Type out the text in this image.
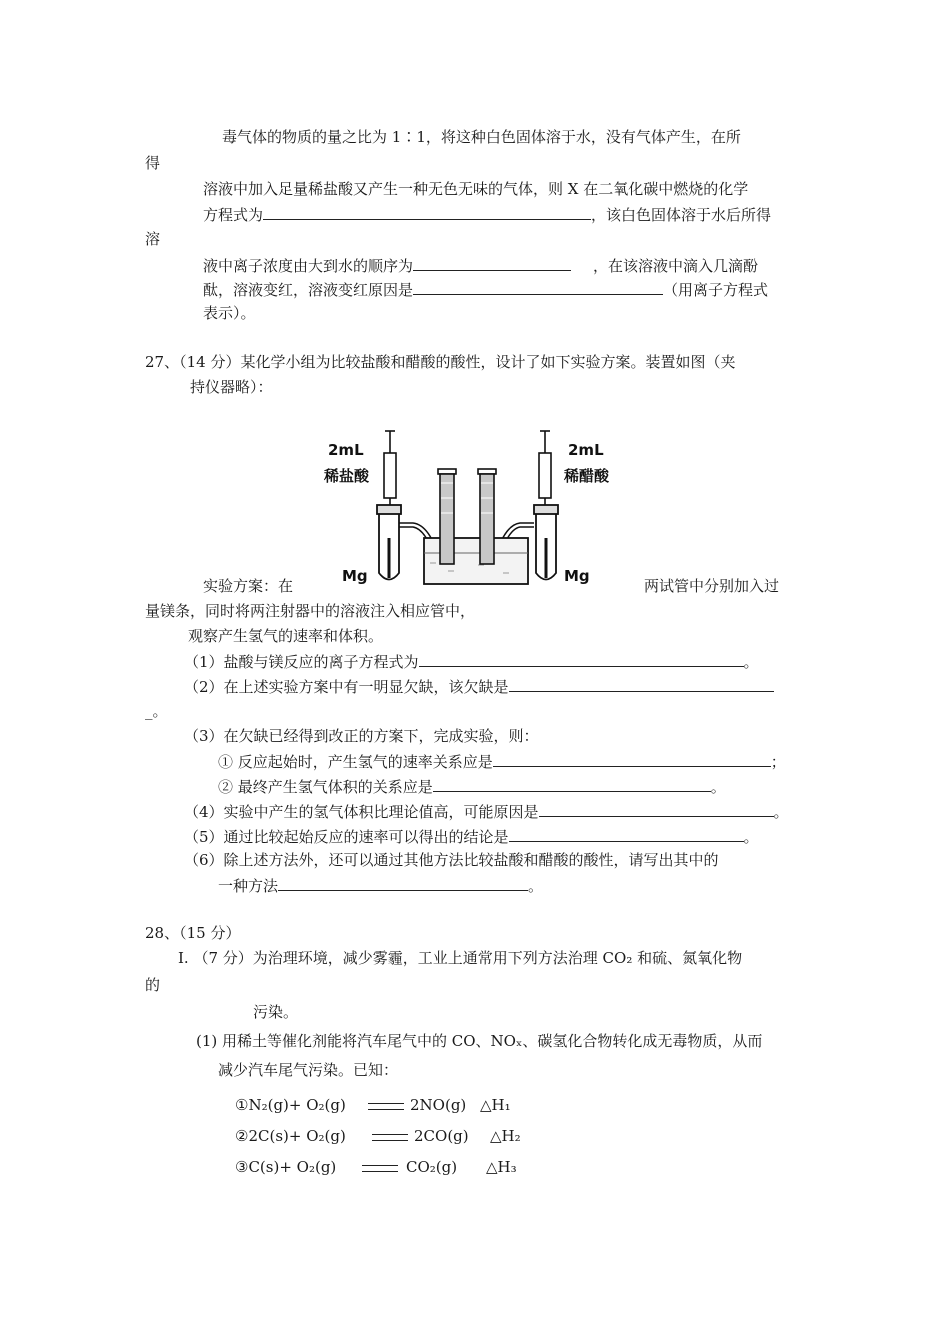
毒气体的物质的量之比为 1∶1，将这种白色固体溶于水，没有气体产生，在所
得
溶液中加入足量稀盐酸又产生一种无色无味的气体，则 X 在二氧化碳中燃烧的化学
方程式为	，该白色固体溶于水后所得
溶
液中离子浓度由大到水的顺序为	，在该溶液中滴入几滴酚
酞，溶液变红，溶液变红原因是	（用离子方程式
表示）。
27、（14 分）某化学小组为比较盐酸和醋酸的酸性，设计了如下实验方案。装置如图（夹
持仪器略）：
2mL
稀盐酸
2mL
稀醋酸
Mg	Mg
实验方案：在	两试管中分别加入过
量镁条，同时将两注射器中的溶液注入相应管中，
观察产生氢气的速率和体积。
（1）盐酸与镁反应的离子方程式为	。
（2）在上述实验方案中有一明显欠缺，该欠缺是
_。
（3）在欠缺已经得到改正的方案下，完成实验，则：
① 反应起始时，产生氢气的速率关系应是	；
② 最终产生氢气体积的关系应是	。
（4）实验中产生的氢气体积比理论值高，可能原因是	。
（5）通过比较起始反应的速率可以得出的结论是	。
（6）除上述方法外，还可以通过其他方法比较盐酸和醋酸的酸性，请写出其中的
一种方法	。
28、（15 分）
Ⅰ. （7 分）为治理环境，减少雾霾，工业上通常用下列方法治理 CO₂ 和硫、氮氧化物
的
污染。
(1) 用稀土等催化剂能将汽车尾气中的 CO、NOₓ、碳氢化合物转化成无毒物质，从而
减少汽车尾气污染。已知：
①N₂(g)+ O₂(g)	2NO(g) △H₁
②2C(s)+ O₂(g)	2CO(g) △H₂
③C(s)+ O₂(g)	CO₂(g) △H₃
